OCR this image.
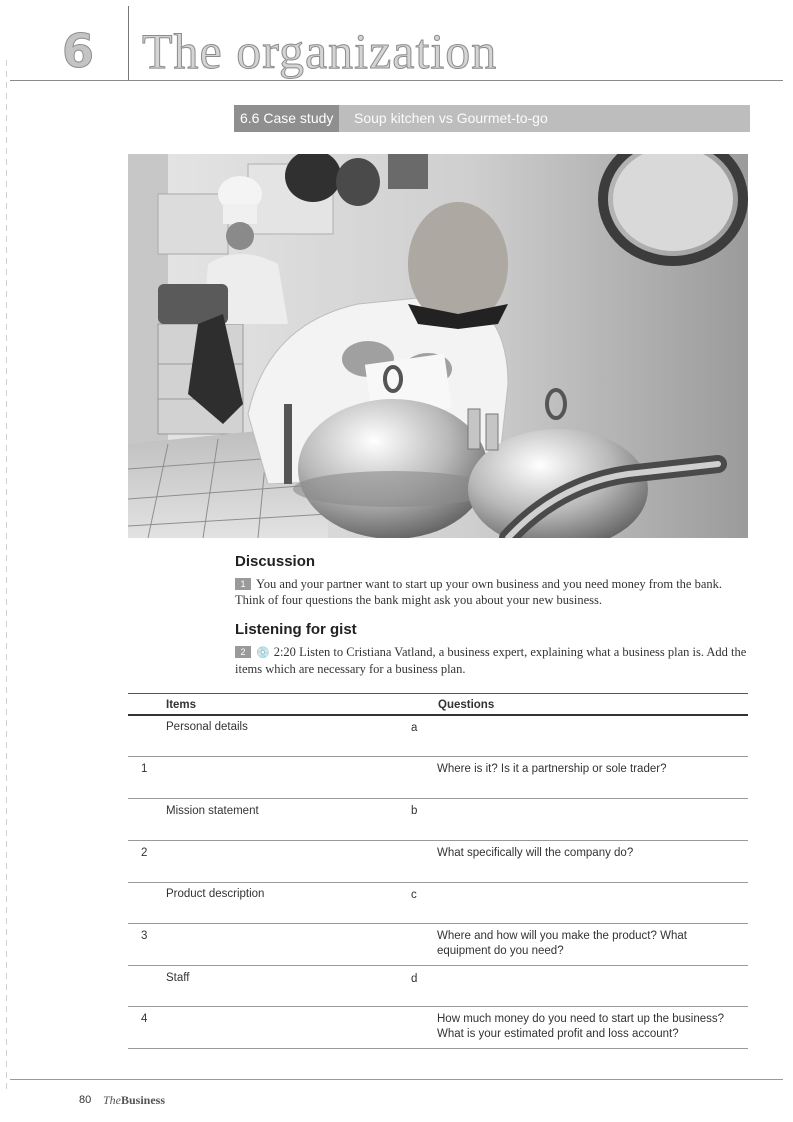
6 The organization
6.6 Case study	Soup kitchen vs Gourmet-to-go
Discussion
1 You and your partner want to start up your own business and you need money from the bank. Think of four questions the bank might ask you about your new business.
Listening for gist
2 💿 2:20 Listen to Cristiana Vatland, a business expert, explaining what a business plan is. Add the items which are necessary for a business plan.
Items	Questions
Personal details	a
1	Where is it? Is it a partnership or sole trader?
Mission statement	b
2	What specifically will the company do?
Product description	c
3	Where and how will you make the product? What equipment do you need?
Staff	d
4	How much money do you need to start up the business? What is your estimated profit and loss account?
80 TheBusiness
